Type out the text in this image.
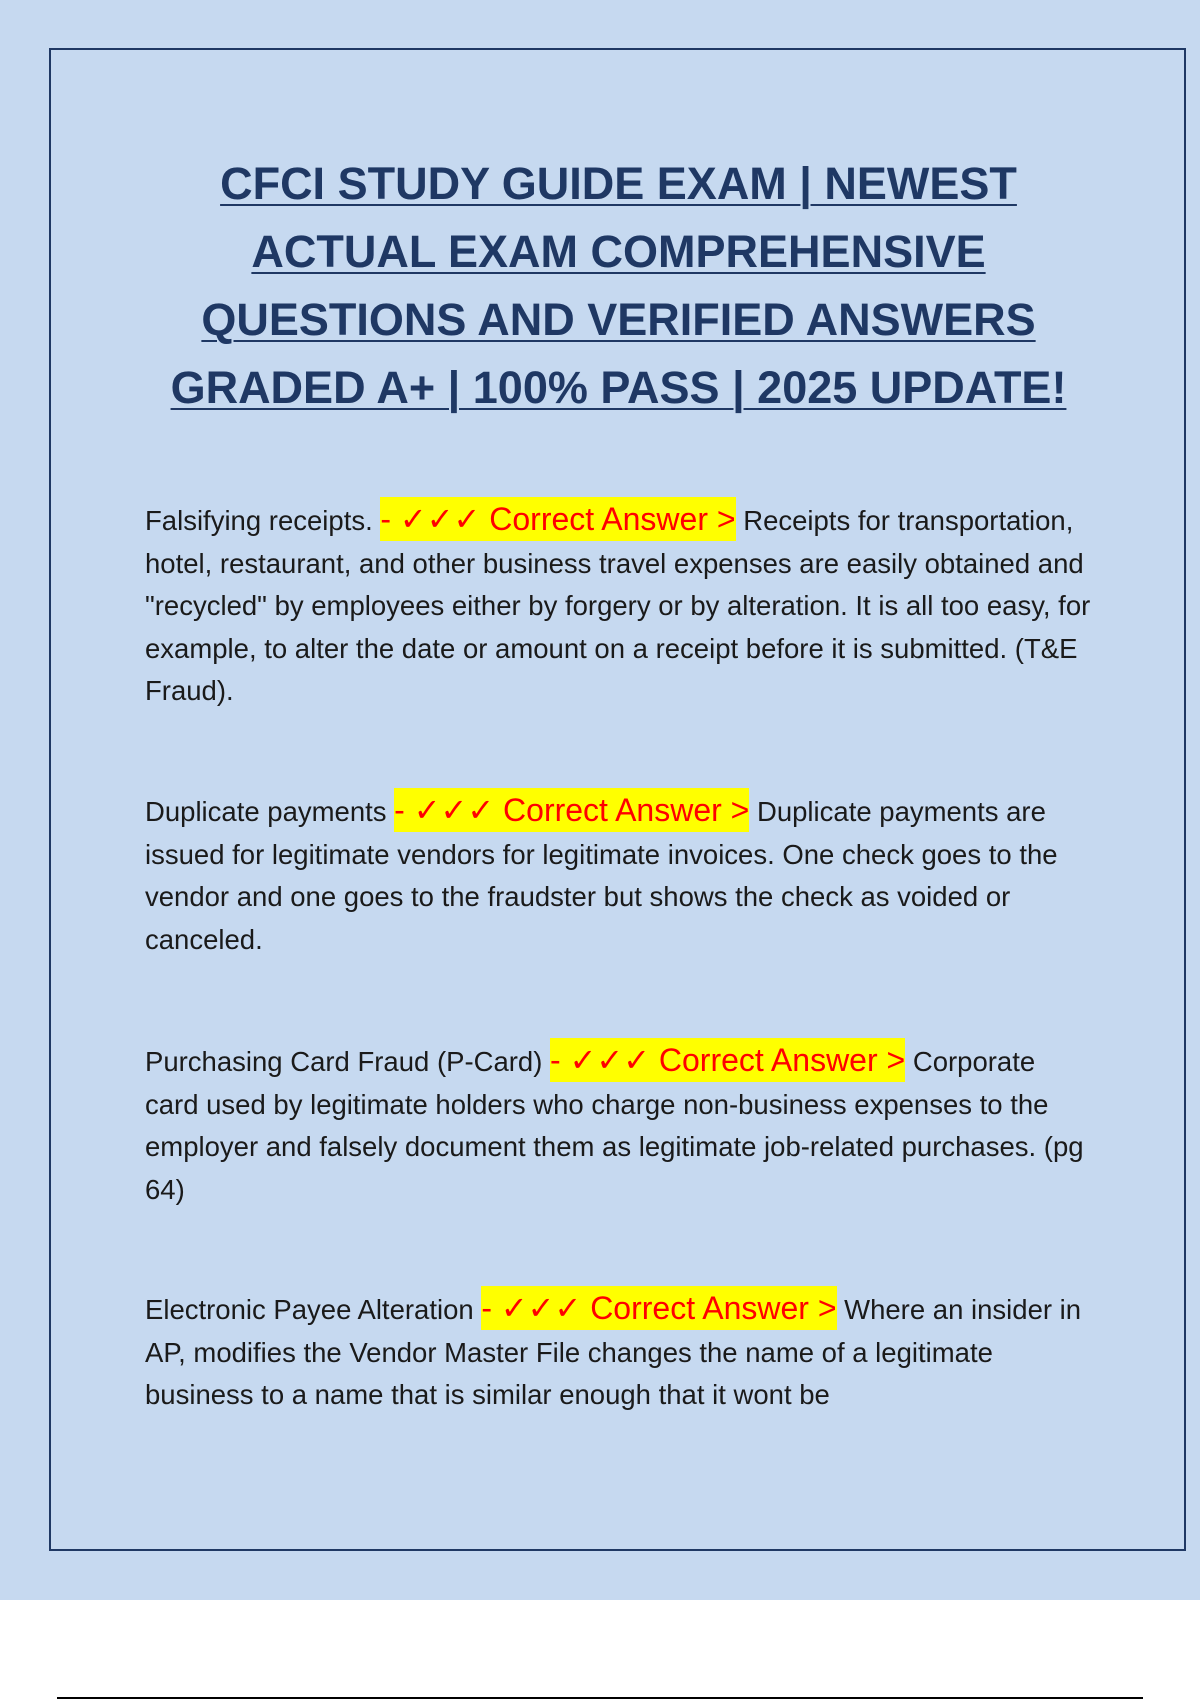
CFCI STUDY GUIDE EXAM | NEWEST
ACTUAL EXAM COMPREHENSIVE
QUESTIONS AND VERIFIED ANSWERS
GRADED A+ | 100% PASS | 2025 UPDATE!

Falsifying receipts. - ✓✓✓ Correct Answer > Receipts for transportation, hotel, restaurant, and other business travel expenses are easily obtained and "recycled" by employees either by forgery or by alteration. It is all too easy, for example, to alter the date or amount on a receipt before it is submitted. (T&E Fraud).

Duplicate payments - ✓✓✓ Correct Answer > Duplicate payments are issued for legitimate vendors for legitimate invoices. One check goes to the vendor and one goes to the fraudster but shows the check as voided or canceled.

Purchasing Card Fraud (P-Card) - ✓✓✓ Correct Answer > Corporate card used by legitimate holders who charge non-business expenses to the employer and falsely document them as legitimate job-related purchases. (pg 64)

Electronic Payee Alteration - ✓✓✓ Correct Answer > Where an insider in AP, modifies the Vendor Master File changes the name of a legitimate business to a name that is similar enough that it wont be
